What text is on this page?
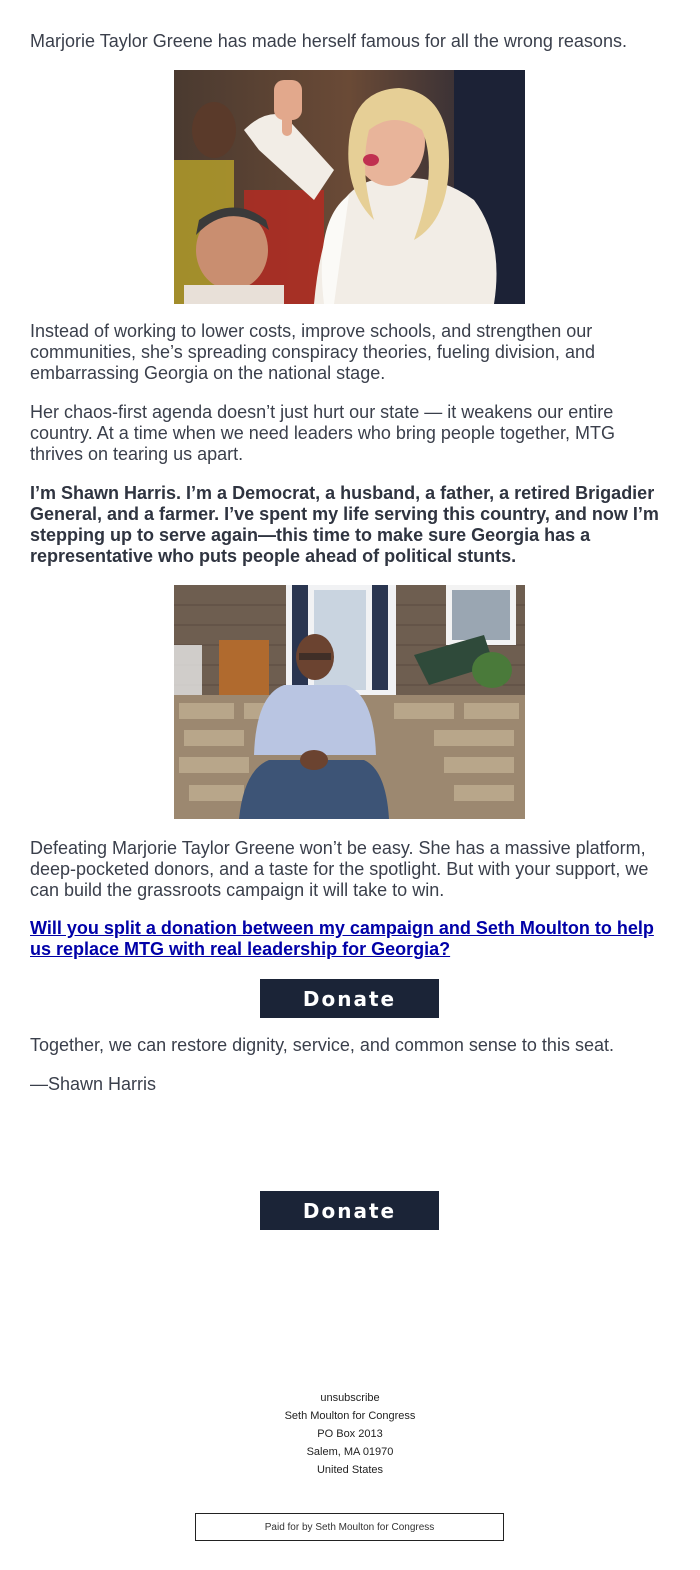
Marjorie Taylor Greene has made herself famous for all the wrong reasons.

Instead of working to lower costs, improve schools, and strengthen our communities, she’s spreading conspiracy theories, fueling division, and embarrassing Georgia on the national stage.

Her chaos-first agenda doesn’t just hurt our state — it weakens our entire country. At a time when we need leaders who bring people together, MTG thrives on tearing us apart.

I’m Shawn Harris. I’m a Democrat, a husband, a father, a retired Brigadier General, and a farmer. I’ve spent my life serving this country, and now I’m stepping up to serve again—this time to make sure Georgia has a representative who puts people ahead of political stunts.

Defeating Marjorie Taylor Greene won’t be easy. She has a massive platform, deep-pocketed donors, and a taste for the spotlight. But with your support, we can build the grassroots campaign it will take to win.

Will you split a donation between my campaign and Seth Moulton to help us replace MTG with real leadership for Georgia?

Together, we can restore dignity, service, and common sense to this seat.

—Shawn Harris

Donate
Donate
unsubscribe
Seth Moulton for Congress
PO Box 2013
Salem, MA 01970
United States
Paid for by Seth Moulton for Congress
